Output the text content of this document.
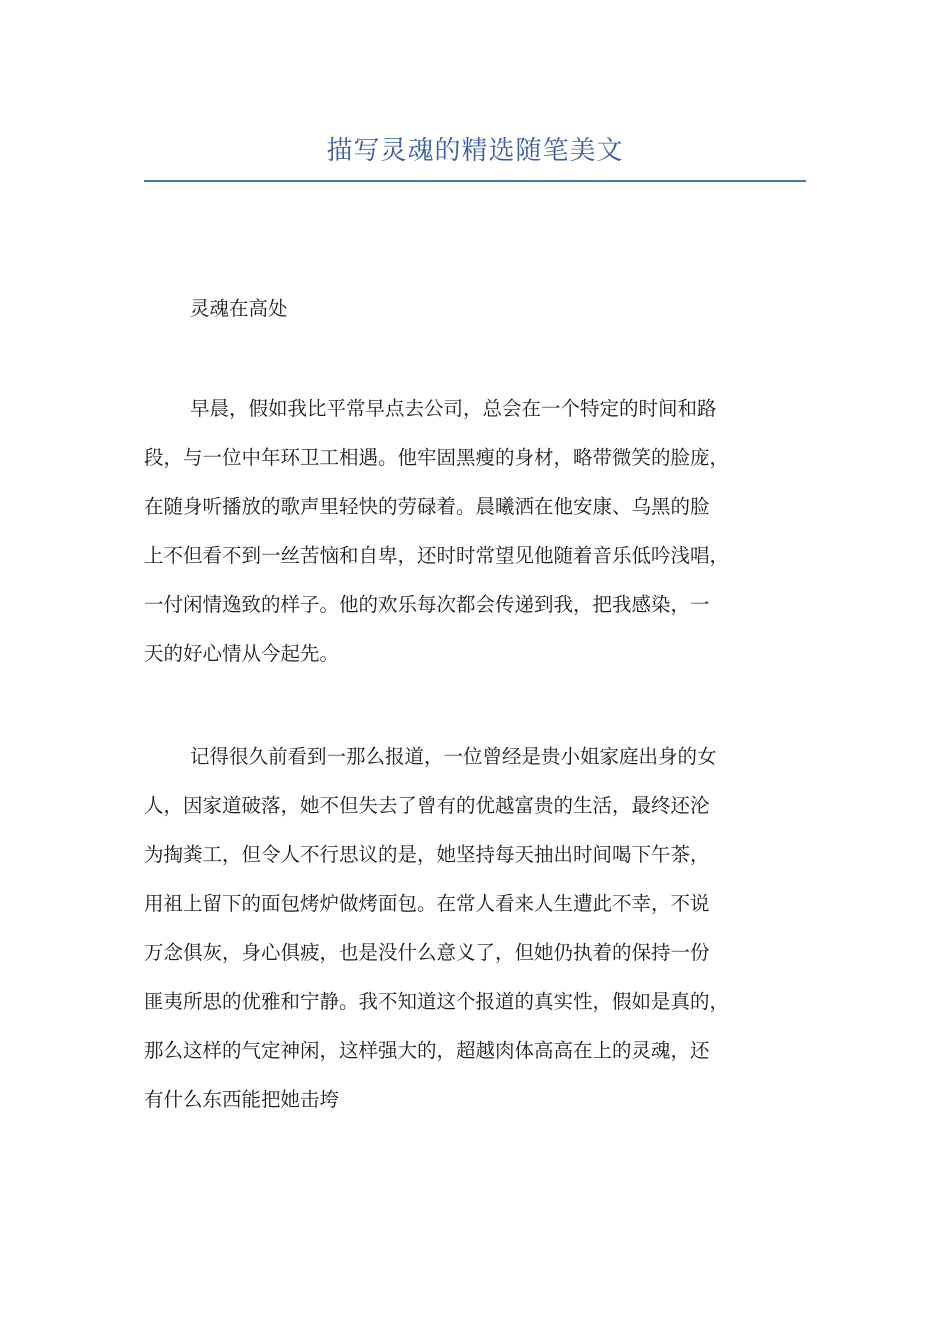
描写灵魂的精选随笔美文
灵魂在高处
早晨，假如我比平常早点去公司，总会在一个特定的时间和路
段，与一位中年环卫工相遇。他牢固黑瘦的身材，略带微笑的脸庞，
在随身听播放的歌声里轻快的劳碌着。晨曦洒在他安康、乌黑的脸
上不但看不到一丝苦恼和自卑，还时时常望见他随着音乐低吟浅唱，
一付闲情逸致的样子。他的欢乐每次都会传递到我，把我感染，一
天的好心情从今起先。
记得很久前看到一那么报道，一位曾经是贵小姐家庭出身的女
人，因家道破落，她不但失去了曾有的优越富贵的生活，最终还沦
为掏粪工，但令人不行思议的是，她坚持每天抽出时间喝下午茶，
用祖上留下的面包烤炉做烤面包。在常人看来人生遭此不幸，不说
万念俱灰，身心俱疲，也是没什么意义了，但她仍执着的保持一份
匪夷所思的优雅和宁静。我不知道这个报道的真实性，假如是真的，
那么这样的气定神闲，这样强大的，超越肉体高高在上的灵魂，还
有什么东西能把她击垮
